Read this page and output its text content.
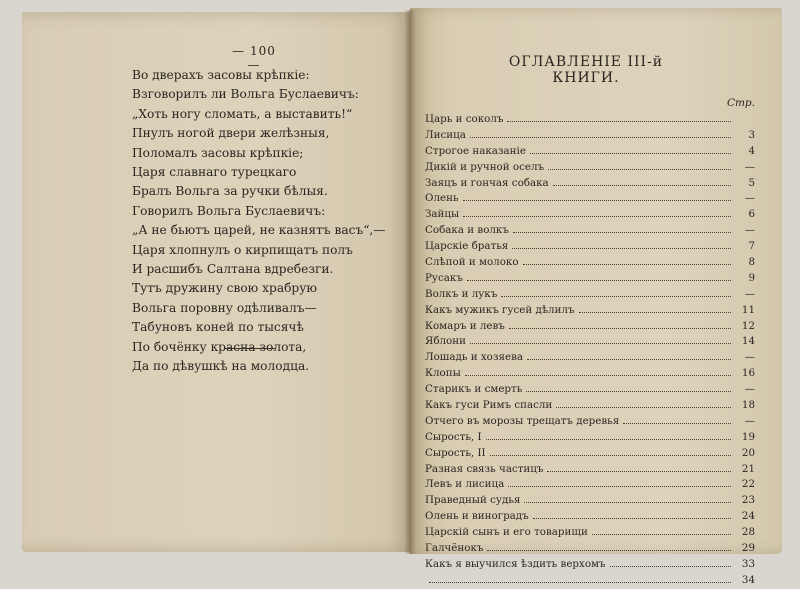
— 100 —
Во дверахъ засовы крѣпкіе:
Взговорилъ ли Вольга Буслаевичъ:
„Хоть ногу сломать, а выставить!“
Пнулъ ногой двери желѣзныя,
Поломалъ засовы крѣпкіе;
Царя славнаго турецкаго
Бралъ Вольга за ручки бѣлыя.
Говорилъ Вольга Буслаевичъ:
„А не бьютъ царей, не казнятъ васъ“,—
Царя хлопнулъ о кирпищатъ полъ
И расшибъ Салтана вдребезги.
Тутъ дружину свою храбрую
Вольга поровну одѣливалъ—
Табуновъ коней по тысячѣ
По бочёнку красна золота,
Да по дѣвушкѣ на молодца.
ОГЛАВЛЕНІЕ III-й КНИГИ.
Стр.
Царь и соколъ
Лисица	3
Строгое наказаніе	4
Дикій и ручной оселъ	—
Заяцъ и гончая собака	5
Олень	—
Зайцы	6
Собака и волкъ	—
Царскіе братья	7
Слѣпой и молоко	8
Русакъ	9
Волкъ и лукъ	—
Какъ мужикъ гусей дѣлилъ	11
Комаръ и левъ	12
Яблони	14
Лошадь и хозяева	—
Клопы	16
Старикъ и смерть	—
Какъ гуси Римъ спасли	18
Отчего въ морозы трещатъ деревья	—
Сырость, I	19
Сырость, II	20
Разная связь частицъ	21
Левъ и лисица	22
Праведный судья	23
Олень и виноградъ	24
Царскій сынъ и его товарищи	28
Галчёнокъ	29
Какъ я выучился ѣздить верхомъ	33
34
